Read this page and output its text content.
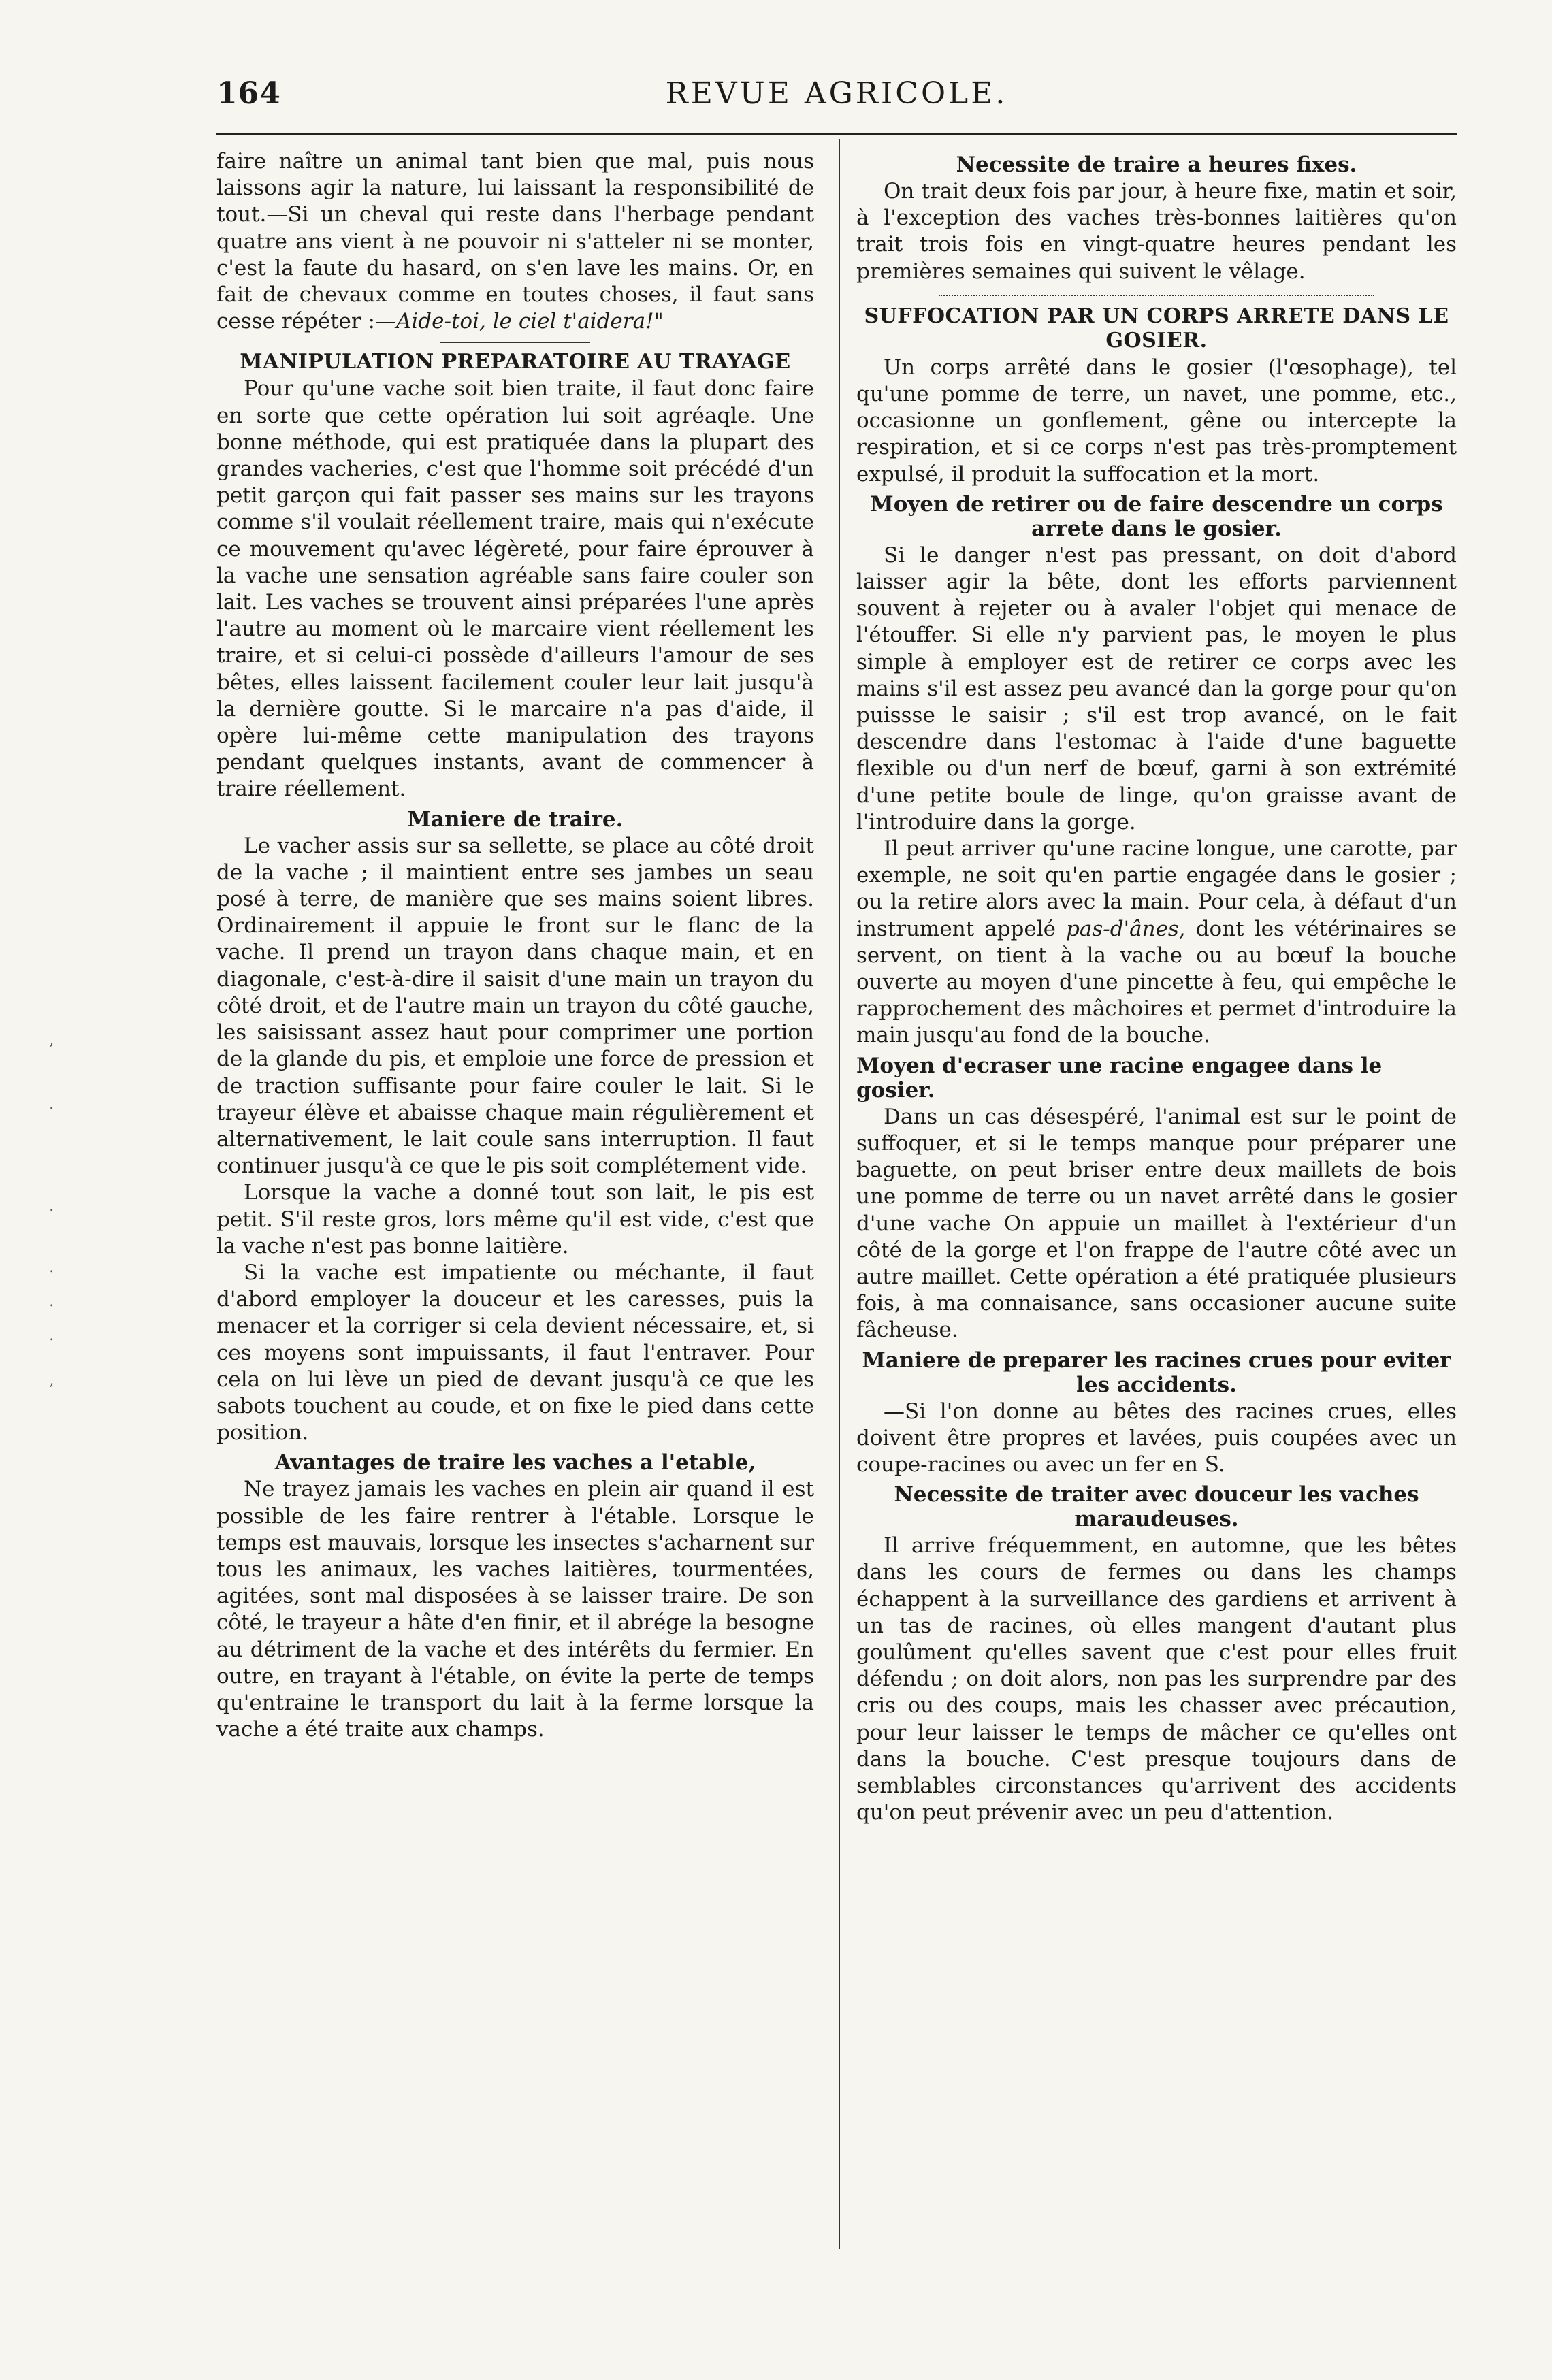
164	REVUE AGRICOLE.
’
․
․
․
․
․
’

faire naître un animal tant bien que mal, puis nous laissons agir la nature, lui laissant la responsibilité de tout.—Si un cheval qui reste dans l'herbage pendant quatre ans vient à ne pouvoir ni s'atteler ni se monter, c'est la faute du hasard, on s'en lave les mains. Or, en fait de chevaux comme en toutes choses, il faut sans cesse répéter :—Aide-toi, le ciel t'aidera!"

MANIPULATION PREPARATOIRE AU TRAYAGE

Pour qu'une vache soit bien traite, il faut donc faire en sorte que cette opération lui soit agréaqle. Une bonne méthode, qui est pratiquée dans la plupart des grandes vacheries, c'est que l'homme soit précédé d'un petit garçon qui fait passer ses mains sur les trayons comme s'il voulait réellement traire, mais qui n'exécute ce mouvement qu'avec légèreté, pour faire éprouver à la vache une sensation agréable sans faire couler son lait. Les vaches se trouvent ainsi préparées l'une après l'autre au moment où le marcaire vient réellement les traire, et si celui-ci possède d'ailleurs l'amour de ses bêtes, elles laissent facilement couler leur lait jusqu'à la dernière goutte. Si le marcaire n'a pas d'aide, il opère lui-même cette manipulation des trayons pendant quelques instants, avant de commencer à traire réellement.

Maniere de traire.

Le vacher assis sur sa sellette, se place au côté droit de la vache ; il maintient entre ses jambes un seau posé à terre, de manière que ses mains soient libres. Ordinairement il appuie le front sur le flanc de la vache. Il prend un trayon dans chaque main, et en diagonale, c'est-à-dire il saisit d'une main un trayon du côté droit, et de l'autre main un trayon du côté gauche, les saisissant assez haut pour comprimer une portion de la glande du pis, et emploie une force de pression et de traction suffisante pour faire couler le lait. Si le trayeur élève et abaisse chaque main régulièrement et alternativement, le lait coule sans interruption. Il faut continuer jusqu'à ce que le pis soit complétement vide.

Lorsque la vache a donné tout son lait, le pis est petit. S'il reste gros, lors même qu'il est vide, c'est que la vache n'est pas bonne laitière.

Si la vache est impatiente ou méchante, il faut d'abord employer la douceur et les caresses, puis la menacer et la corriger si cela devient nécessaire, et, si ces moyens sont impuissants, il faut l'entraver. Pour cela on lui lève un pied de devant jusqu'à ce que les sabots touchent au coude, et on fixe le pied dans cette position.

Avantages de traire les vaches a l'etable,

Ne trayez jamais les vaches en plein air quand il est possible de les faire rentrer à l'étable. Lorsque le temps est mauvais, lorsque les insectes s'acharnent sur tous les animaux, les vaches laitières, tourmentées, agitées, sont mal disposées à se laisser traire. De son côté, le trayeur a hâte d'en finir, et il abrége la besogne au détriment de la vache et des intérêts du fermier. En outre, en trayant à l'étable, on évite la perte de temps qu'entraine le transport du lait à la ferme lorsque la vache a été traite aux champs.

Necessite de traire a heures fixes.

On trait deux fois par jour, à heure fixe, matin et soir, à l'exception des vaches très-bonnes laitières qu'on trait trois fois en vingt-quatre heures pendant les premières semaines qui suivent le vêlage.

SUFFOCATION PAR UN CORPS ARRETE DANS LE GOSIER.

Un corps arrêté dans le gosier (l'œsophage), tel qu'une pomme de terre, un navet, une pomme, etc., occasionne un gonflement, gêne ou intercepte la respiration, et si ce corps n'est pas très-promptement expulsé, il produit la suffocation et la mort.

Moyen de retirer ou de faire descendre un corps arrete dans le gosier.

Si le danger n'est pas pressant, on doit d'abord laisser agir la bête, dont les efforts parviennent souvent à rejeter ou à avaler l'objet qui menace de l'étouffer. Si elle n'y parvient pas, le moyen le plus simple à employer est de retirer ce corps avec les mains s'il est assez peu avancé dan la gorge pour qu'on puissse le saisir ; s'il est trop avancé, on le fait descendre dans l'estomac à l'aide d'une baguette flexible ou d'un nerf de bœuf, garni à son extrémité d'une petite boule de linge, qu'on graisse avant de l'introduire dans la gorge.

Il peut arriver qu'une racine longue, une carotte, par exemple, ne soit qu'en partie engagée dans le gosier ; ou la retire alors avec la main. Pour cela, à défaut d'un instrument appelé pas-d'ânes, dont les vétérinaires se servent, on tient à la vache ou au bœuf la bouche ouverte au moyen d'une pincette à feu, qui empêche le rapprochement des mâchoires et permet d'introduire la main jusqu'au fond de la bouche.

Moyen d'ecraser une racine engagee dans le gosier.

Dans un cas désespéré, l'animal est sur le point de suffoquer, et si le temps manque pour préparer une baguette, on peut briser entre deux maillets de bois une pomme de terre ou un navet arrêté dans le gosier d'une vache On appuie un maillet à l'extérieur d'un côté de la gorge et l'on frappe de l'autre côté avec un autre maillet. Cette opération a été pratiquée plusieurs fois, à ma connaisance, sans occasioner aucune suite fâcheuse.

Maniere de preparer les racines crues pour eviter les accidents.

—Si l'on donne au bêtes des racines crues, elles doivent être propres et lavées, puis coupées avec un coupe-racines ou avec un fer en S.

Necessite de traiter avec douceur les vaches maraudeuses.

Il arrive fréquemment, en automne, que les bêtes dans les cours de fermes ou dans les champs échappent à la surveillance des gardiens et arrivent à un tas de racines, où elles mangent d'autant plus goulûment qu'elles savent que c'est pour elles fruit défendu ; on doit alors, non pas les surprendre par des cris ou des coups, mais les chasser avec précaution, pour leur laisser le temps de mâcher ce qu'elles ont dans la bouche. C'est presque toujours dans de semblables circonstances qu'arrivent des accidents qu'on peut prévenir avec un peu d'attention.
